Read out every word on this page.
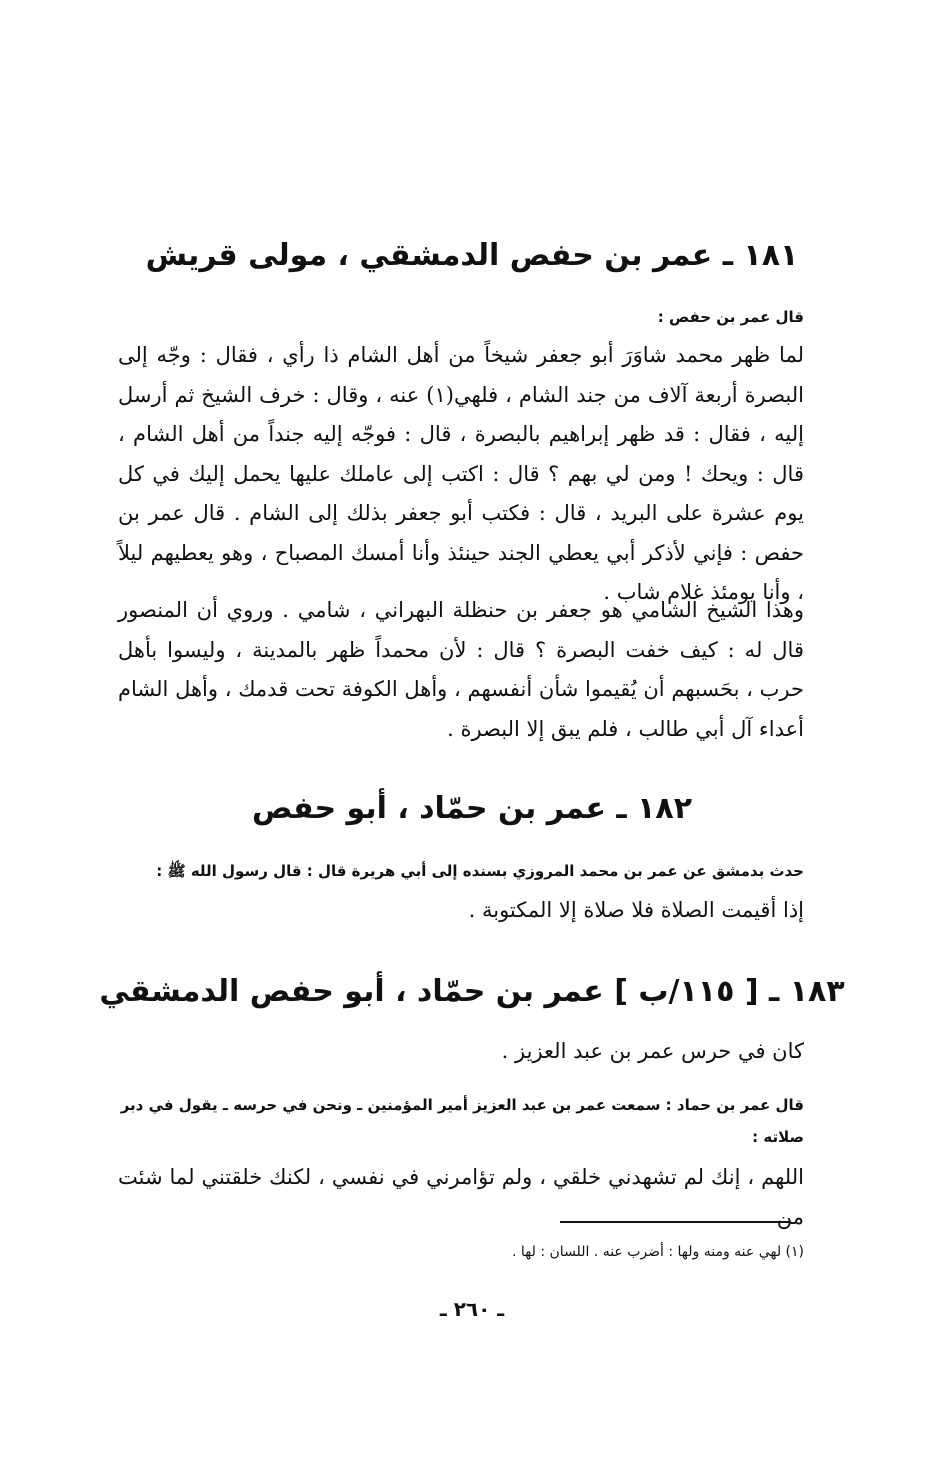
١٨١ ـ عمر بن حفص الدمشقي ، مولى قريش
قال عمر بن حفص :

لما ظهر محمد شاوَرَ أبو جعفر شيخاً من أهل الشام ذا رأي ، فقال : وجّه إلى البصرة أربعة آلاف من جند الشام ، فلهي(١) عنه ، وقال : خرف الشيخ ثم أرسل إليه ، فقال : قد ظهر إبراهيم بالبصرة ، قال : فوجّه إليه جنداً من أهل الشام ، قال : ويحك ! ومن لي بهم ؟ قال : اكتب إلى عاملك عليها يحمل إليك في كل يوم عشرة على البريد ، قال : فكتب أبو جعفر بذلك إلى الشام . قال عمر بن حفص : فإني لأذكر أبي يعطي الجند حينئذ وأنا أمسك المصباح ، وهو يعطيهم ليلاً ، وأنا يومئذ غلام شاب .

وهذا الشيخ الشامي هو جعفر بن حنظلة البهراني ، شامي . وروي أن المنصور قال له : كيف خفت البصرة ؟ قال : لأن محمداً ظهر بالمدينة ، وليسوا بأهل حرب ، بحَسبهم أن يُقيموا شأن أنفسهم ، وأهل الكوفة تحت قدمك ، وأهل الشام أعداء آل أبي طالب ، فلم يبق إلا البصرة .

١٨٢ ـ عمر بن حمّاد ، أبو حفص
حدث بدمشق عن عمر بن محمد المروزي بسنده إلى أبي هريرة قال : قال رسول الله ﷺ :

إذا أقيمت الصلاة فلا صلاة إلا المكتوبة .

١٨٣ ـ [ ١١٥/ب ] عمر بن حمّاد ، أبو حفص الدمشقي

كان في حرس عمر بن عبد العزيز .

قال عمر بن حماد : سمعت عمر بن عبد العزيز أمير المؤمنين ـ ونحن في حرسه ـ يقول في دبر صلاته :

اللهم ، إنك لم تشهدني خلقي ، ولم تؤامرني في نفسي ، لكنك خلقتني لما شئت من

(١) لهي عنه ومنه ولها : أضرب عنه . اللسان : لها .
ـ ٢٦٠ ـ
